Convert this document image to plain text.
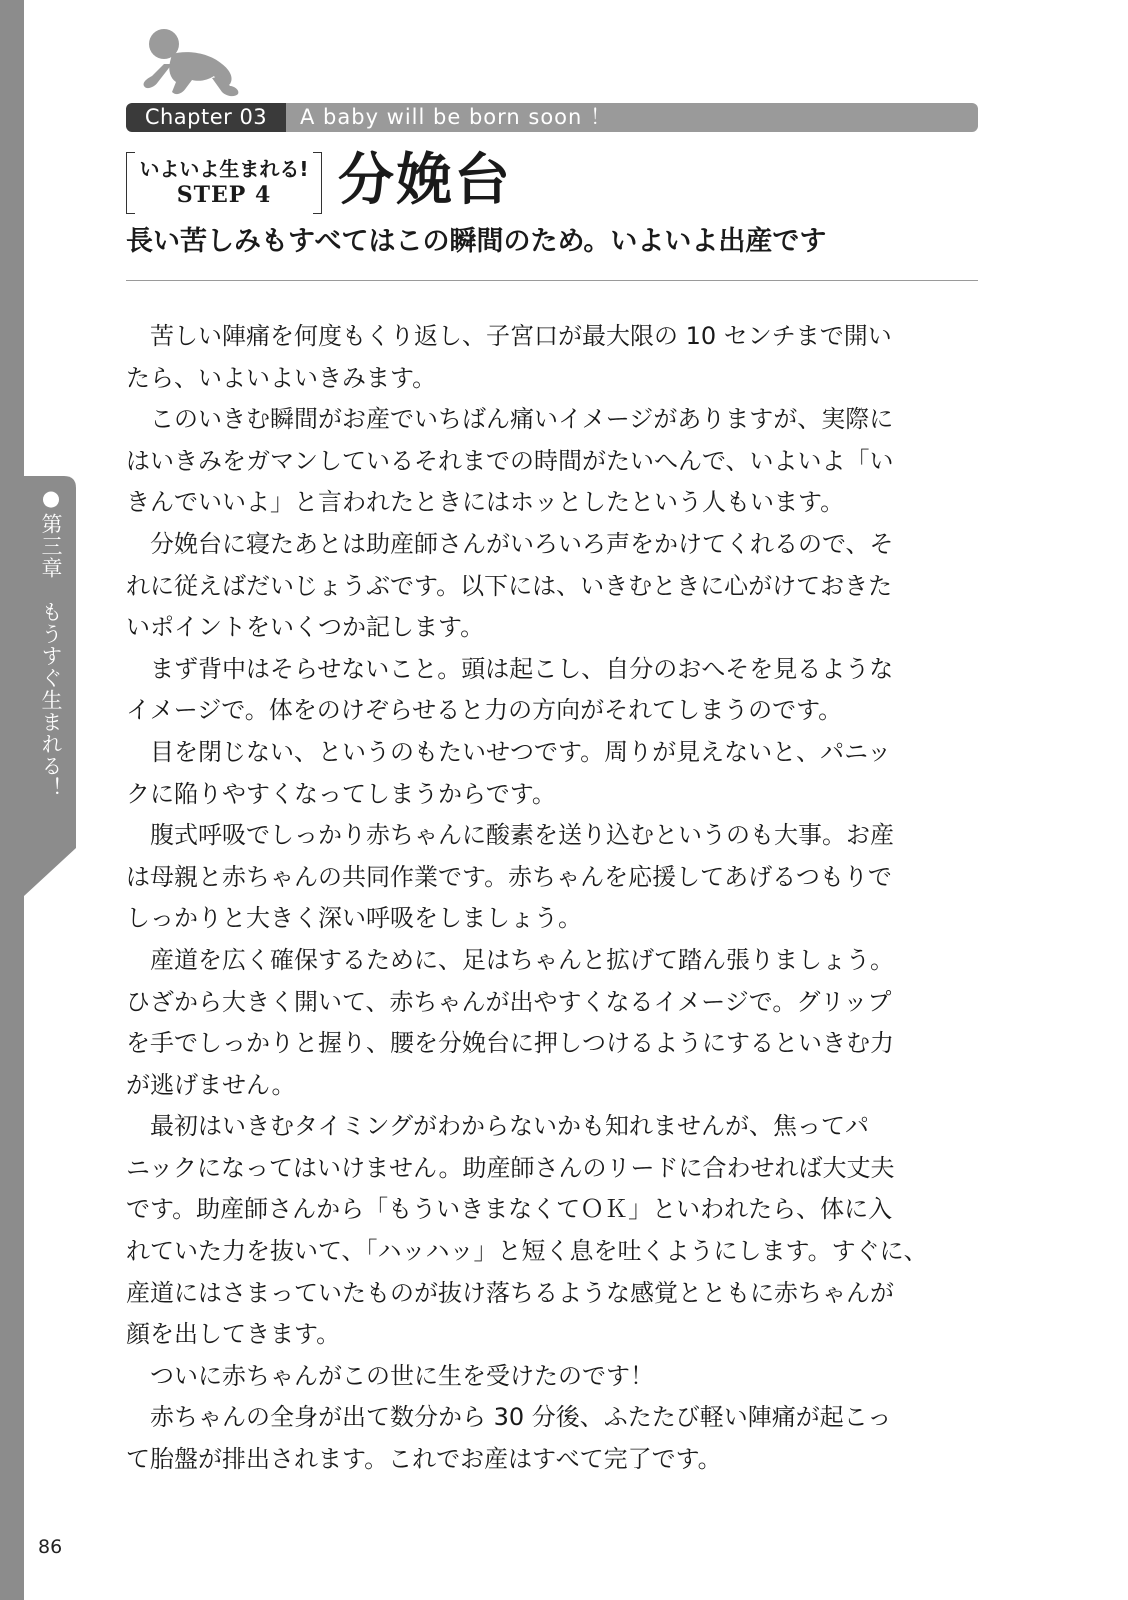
●第三章もうすぐ生まれる！
Chapter 03	A baby will be born soon ！
いよいよ生まれる!
STEP 4	分娩台
長い苦しみもすべてはこの瞬間のため。いよいよ出産です

苦しい陣痛を何度もくり返し、子宮口が最大限の 10 センチまで開い

たら、いよいよいきみます。

このいきむ瞬間がお産でいちばん痛いイメージがありますが、実際に

はいきみをガマンしているそれまでの時間がたいへんで、いよいよ「い

きんでいいよ」と言われたときにはホッとしたという人もいます。

分娩台に寝たあとは助産師さんがいろいろ声をかけてくれるので、そ

れに従えばだいじょうぶです。以下には、いきむときに心がけておきた

いポイントをいくつか記します。

まず背中はそらせないこと。頭は起こし、自分のおへそを見るような

イメージで。体をのけぞらせると力の方向がそれてしまうのです。

目を閉じない、というのもたいせつです。周りが見えないと、パニッ

クに陥りやすくなってしまうからです。

腹式呼吸でしっかり赤ちゃんに酸素を送り込むというのも大事。お産

は母親と赤ちゃんの共同作業です。赤ちゃんを応援してあげるつもりで

しっかりと大きく深い呼吸をしましょう。

産道を広く確保するために、足はちゃんと拡げて踏ん張りましょう。

ひざから大きく開いて、赤ちゃんが出やすくなるイメージで。グリップ

を手でしっかりと握り、腰を分娩台に押しつけるようにするといきむ力

が逃げません。

最初はいきむタイミングがわからないかも知れませんが、焦ってパ

ニックになってはいけません。助産師さんのリードに合わせれば大丈夫

です。助産師さんから「もういきまなくてＯＫ」といわれたら、体に入

れていた力を抜いて、「ハッハッ」と短く息を吐くようにします。すぐに、

産道にはさまっていたものが抜け落ちるような感覚とともに赤ちゃんが

顔を出してきます。

ついに赤ちゃんがこの世に生を受けたのです！

赤ちゃんの全身が出て数分から 30 分後、ふたたび軽い陣痛が起こっ

て胎盤が排出されます。これでお産はすべて完了です。

86
